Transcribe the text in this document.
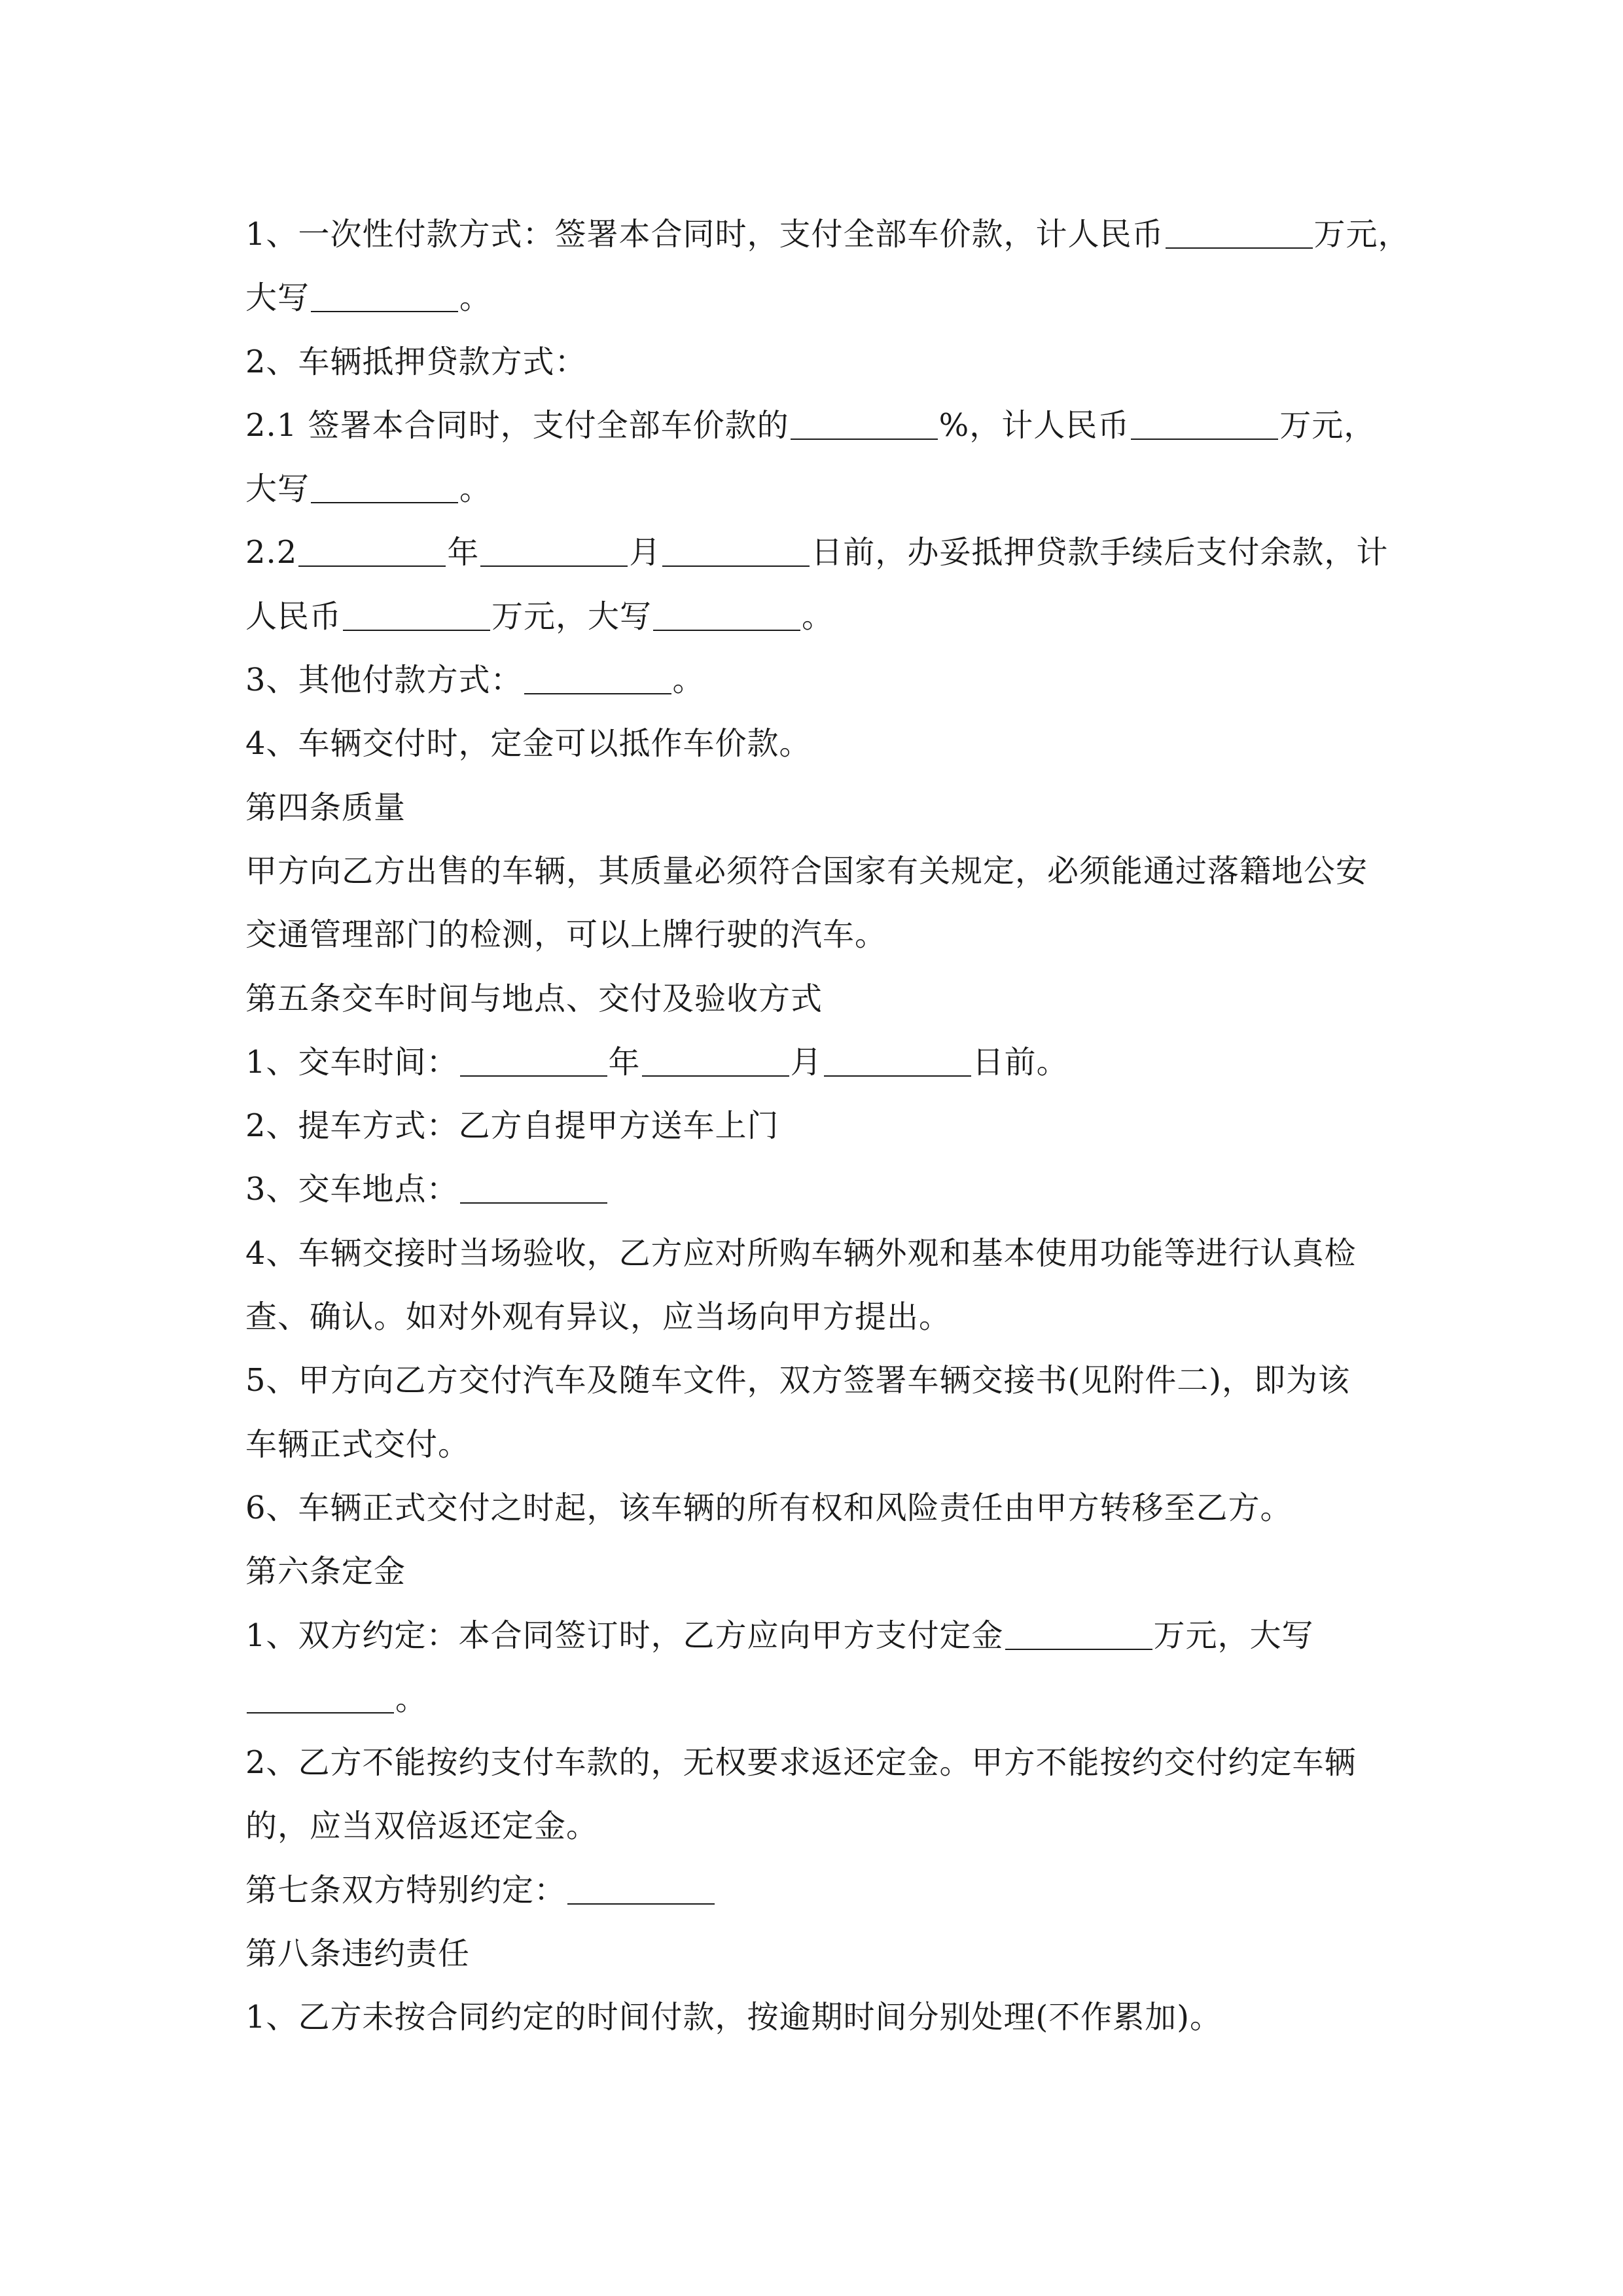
1、一次性付款方式：签署本合同时，支付全部车价款，计人民币	万元，
大写	。
2、车辆抵押贷款方式：
2.1 签署本合同时，支付全部车价款的	%，计人民币	万元，
大写	。
2.2	年	月	日前，办妥抵押贷款手续后支付余款，计
人民币	万元，大写	。
3、其他付款方式：	。
4、车辆交付时，定金可以抵作车价款。
第四条质量
甲方向乙方出售的车辆，其质量必须符合国家有关规定，必须能通过落籍地公安
交通管理部门的检测，可以上牌行驶的汽车。
第五条交车时间与地点、交付及验收方式
1、交车时间：	年	月	日前。
2、提车方式：乙方自提甲方送车上门
3、交车地点：
4、车辆交接时当场验收，乙方应对所购车辆外观和基本使用功能等进行认真检
查、确认。如对外观有异议，应当场向甲方提出。
5、甲方向乙方交付汽车及随车文件，双方签署车辆交接书(见附件二)，即为该
车辆正式交付。
6、车辆正式交付之时起，该车辆的所有权和风险责任由甲方转移至乙方。
第六条定金
1、双方约定：本合同签订时，乙方应向甲方支付定金	万元，大写
。
2、乙方不能按约支付车款的，无权要求返还定金。甲方不能按约交付约定车辆
的，应当双倍返还定金。
第七条双方特别约定：
第八条违约责任
1、乙方未按合同约定的时间付款，按逾期时间分别处理(不作累加)。
